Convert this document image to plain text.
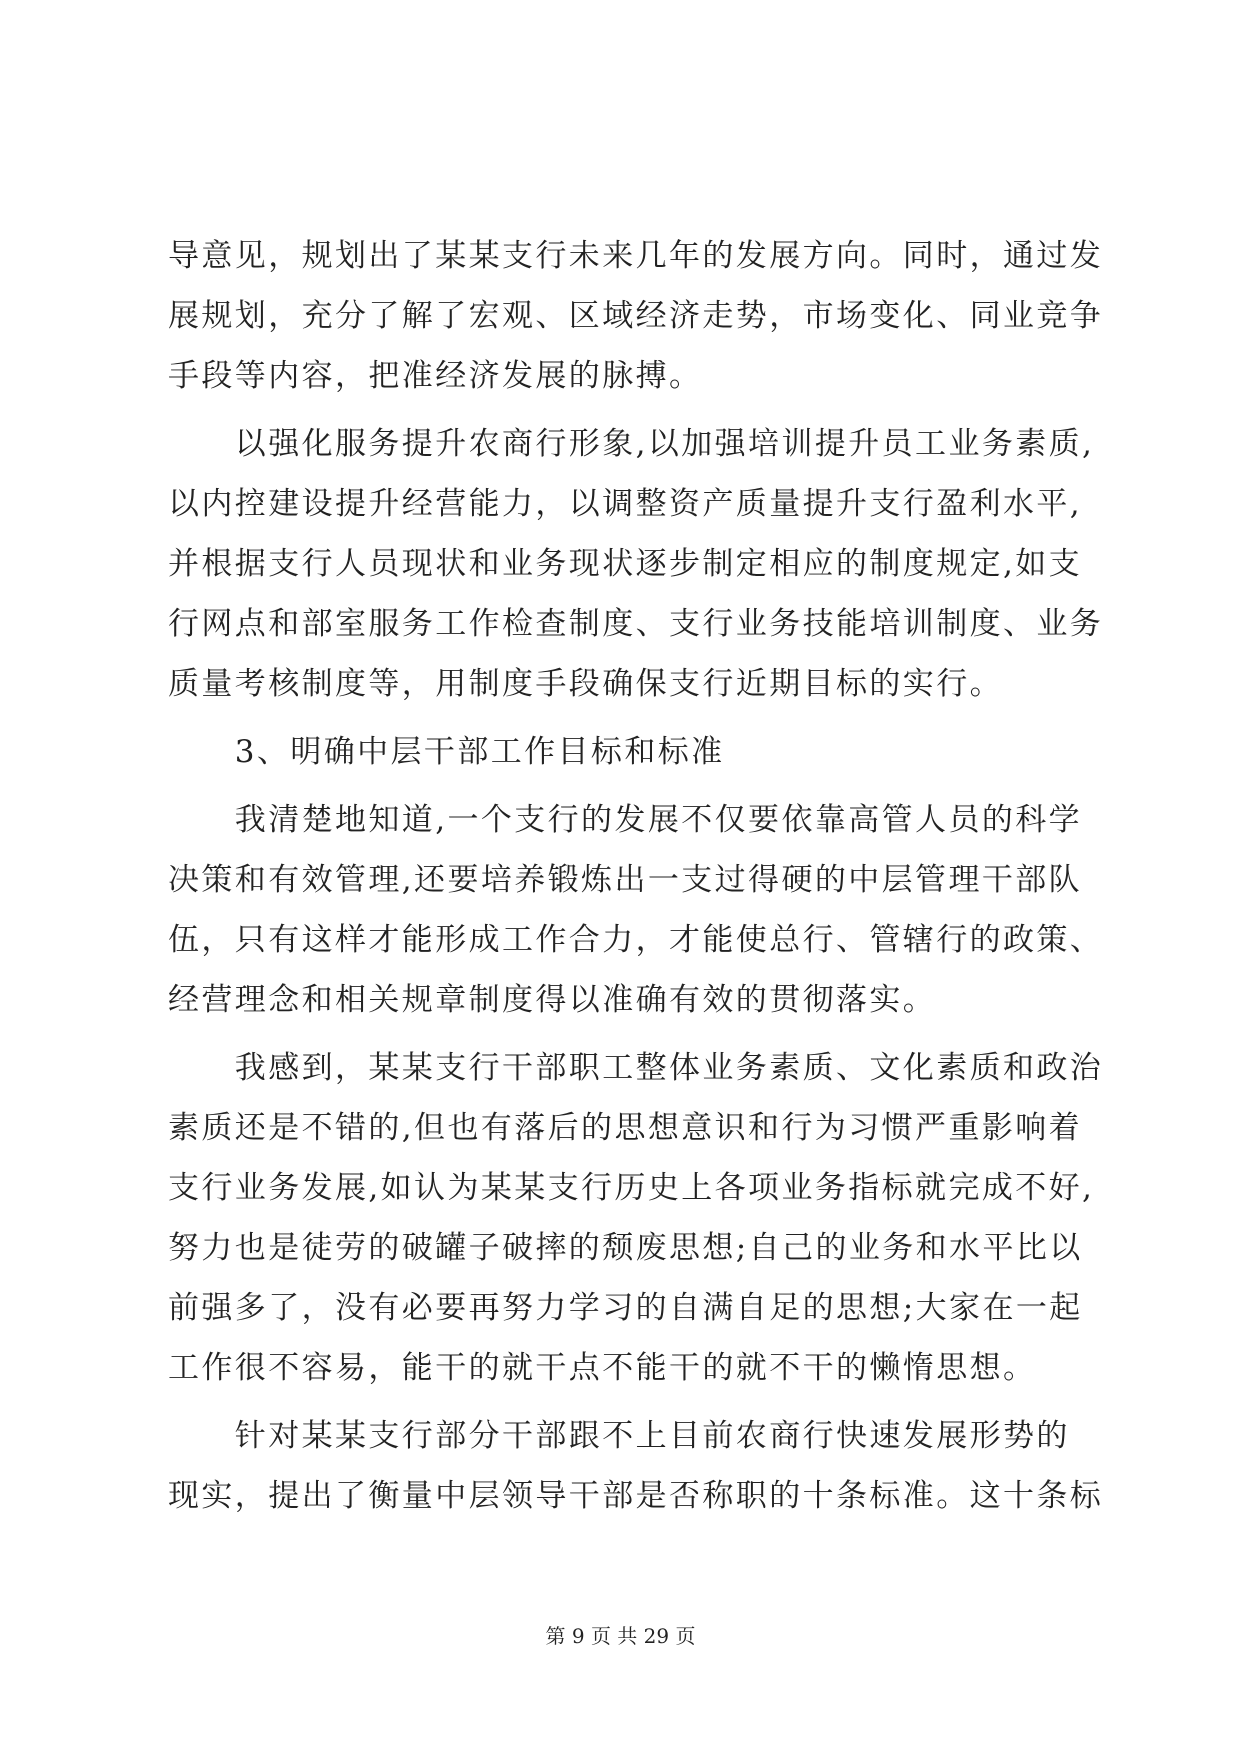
导意见，规划出了某某支行未来几年的发展方向。同时，通过发
展规划，充分了解了宏观、区域经济走势，市场变化、同业竞争
手段等内容，把准经济发展的脉搏。
　　以强化服务提升农商行形象,以加强培训提升员工业务素质,
以内控建设提升经营能力，以调整资产质量提升支行盈利水平,
并根据支行人员现状和业务现状逐步制定相应的制度规定,如支
行网点和部室服务工作检查制度、支行业务技能培训制度、业务
质量考核制度等，用制度手段确保支行近期目标的实行。
　　3、明确中层干部工作目标和标准
　　我清楚地知道,一个支行的发展不仅要依靠高管人员的科学
决策和有效管理,还要培养锻炼出一支过得硬的中层管理干部队
伍，只有这样才能形成工作合力，才能使总行、管辖行的政策、
经营理念和相关规章制度得以准确有效的贯彻落实。
　　我感到，某某支行干部职工整体业务素质、文化素质和政治
素质还是不错的,但也有落后的思想意识和行为习惯严重影响着
支行业务发展,如认为某某支行历史上各项业务指标就完成不好,
努力也是徒劳的破罐子破摔的颓废思想;自己的业务和水平比以
前强多了，没有必要再努力学习的自满自足的思想;大家在一起
工作很不容易，能干的就干点不能干的就不干的懒惰思想。
　　针对某某支行部分干部跟不上目前农商行快速发展形势的
现实，提出了衡量中层领导干部是否称职的十条标准。这十条标
第 9 页 共 29 页
